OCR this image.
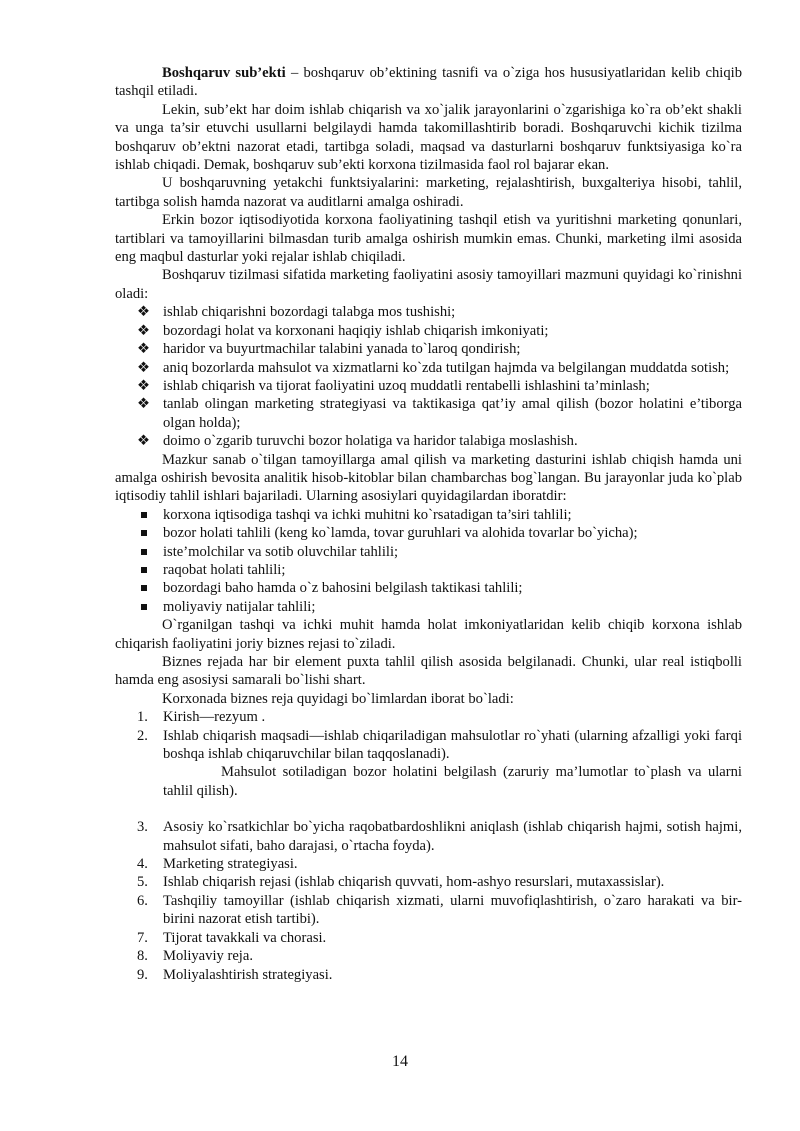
Boshqaruv sub’ekti – boshqaruv ob’ektining tasnifi va o`ziga hos hususiyatlaridan kelib chiqib tashqil etiladi.

Lekin, sub’ekt har doim ishlab chiqarish va xo`jalik jarayonlarini o`zgarishiga ko`ra ob’ekt shakli va unga ta’sir etuvchi usullarni belgilaydi hamda takomillashtirib boradi. Boshqaruvchi kichik tizilma boshqaruv ob’ektni nazorat etadi, tartibga soladi, maqsad va dasturlarni boshqaruv funktsiyasiga ko`ra ishlab chiqadi. Demak, boshqaruv sub’ekti korxona tizilmasida faol rol bajarar ekan.

U boshqaruvning yetakchi funktsiyalarini: marketing, rejalashtirish, buxgalteriya hisobi, tahlil, tartibga solish hamda nazorat va auditlarni amalga oshiradi.

Erkin bozor iqtisodiyotida korxona faoliyatining tashqil etish va yuritishni marketing qonunlari, tartiblari va tamoyillarini bilmasdan turib amalga oshirish mumkin emas. Chunki, marketing ilmi asosida eng maqbul dasturlar yoki rejalar ishlab chiqiladi.

Boshqaruv tizilmasi sifatida marketing faoliyatini asosiy tamoyillari mazmuni quyidagi ko`rinishni oladi:

❖ ishlab chiqarishni bozordagi talabga mos tushishi;
❖ bozordagi holat va korxonani haqiqiy ishlab chiqarish imkoniyati;
❖ haridor va buyurtmachilar talabini yanada to`laroq qondirish;
❖ aniq bozorlarda mahsulot va xizmatlarni ko`zda tutilgan hajmda va belgilangan muddatda sotish;
❖ ishlab chiqarish va tijorat faoliyatini uzoq muddatli rentabelli ishlashini ta’minlash;
❖ tanlab olingan marketing strategiyasi va taktikasiga qat’iy amal qilish (bozor holatini e’tiborga olgan holda);
❖ doimo o`zgarib turuvchi bozor holatiga va haridor talabiga moslashish.

Mazkur sanab o`tilgan tamoyillarga amal qilish va marketing dasturini ishlab chiqish hamda uni amalga oshirish bevosita analitik hisob-kitoblar bilan chambarchas bog`langan. Bu jarayonlar juda ko`plab iqtisodiy tahlil ishlari bajariladi. Ularning asosiylari quyidagilardan iboratdir:

korxona iqtisodiga tashqi va ichki muhitni ko`rsatadigan ta’siri tahlili;
bozor holati tahlili (keng ko`lamda, tovar guruhlari va alohida tovarlar bo`yicha);
iste’molchilar va sotib oluvchilar tahlili;
raqobat holati tahlili;
bozordagi baho hamda o`z bahosini belgilash taktikasi tahlili;
moliyaviy natijalar tahlili;

O`rganilgan tashqi va ichki muhit hamda holat imkoniyatlaridan kelib chiqib korxona ishlab chiqarish faoliyatini joriy biznes rejasi to`ziladi.

Biznes rejada har bir element puxta tahlil qilish asosida belgilanadi. Chunki, ular real istiqbolli hamda eng asosiysi samarali bo`lishi shart.

Korxonada biznes reja quyidagi bo`limlardan iborat bo`ladi:

1. Kirish—rezyum .
2. Ishlab chiqarish maqsadi—ishlab chiqariladigan mahsulotlar ro`yhati (ularning afzalligi yoki farqi boshqa ishlab chiqaruvchilar bilan taqqoslanadi).
Mahsulot sotiladigan bozor holatini belgilash (zaruriy ma’lumotlar to`plash va ularni tahlil qilish).
3. Asosiy ko`rsatkichlar bo`yicha raqobatbardoshlikni aniqlash (ishlab chiqarish hajmi, sotish hajmi, mahsulot sifati, baho darajasi, o`rtacha foyda).
4. Marketing strategiyasi.
5. Ishlab chiqarish rejasi (ishlab chiqarish quvvati, hom-ashyo resurslari, mutaxassislar).
6. Tashqiliy tamoyillar (ishlab chiqarish xizmati, ularni muvofiqlashtirish, o`zaro harakati va bir-birini nazorat etish tartibi).
7. Tijorat tavakkali va chorasi.
8. Moliyaviy reja.
9. Moliyalashtirish strategiyasi.
14
